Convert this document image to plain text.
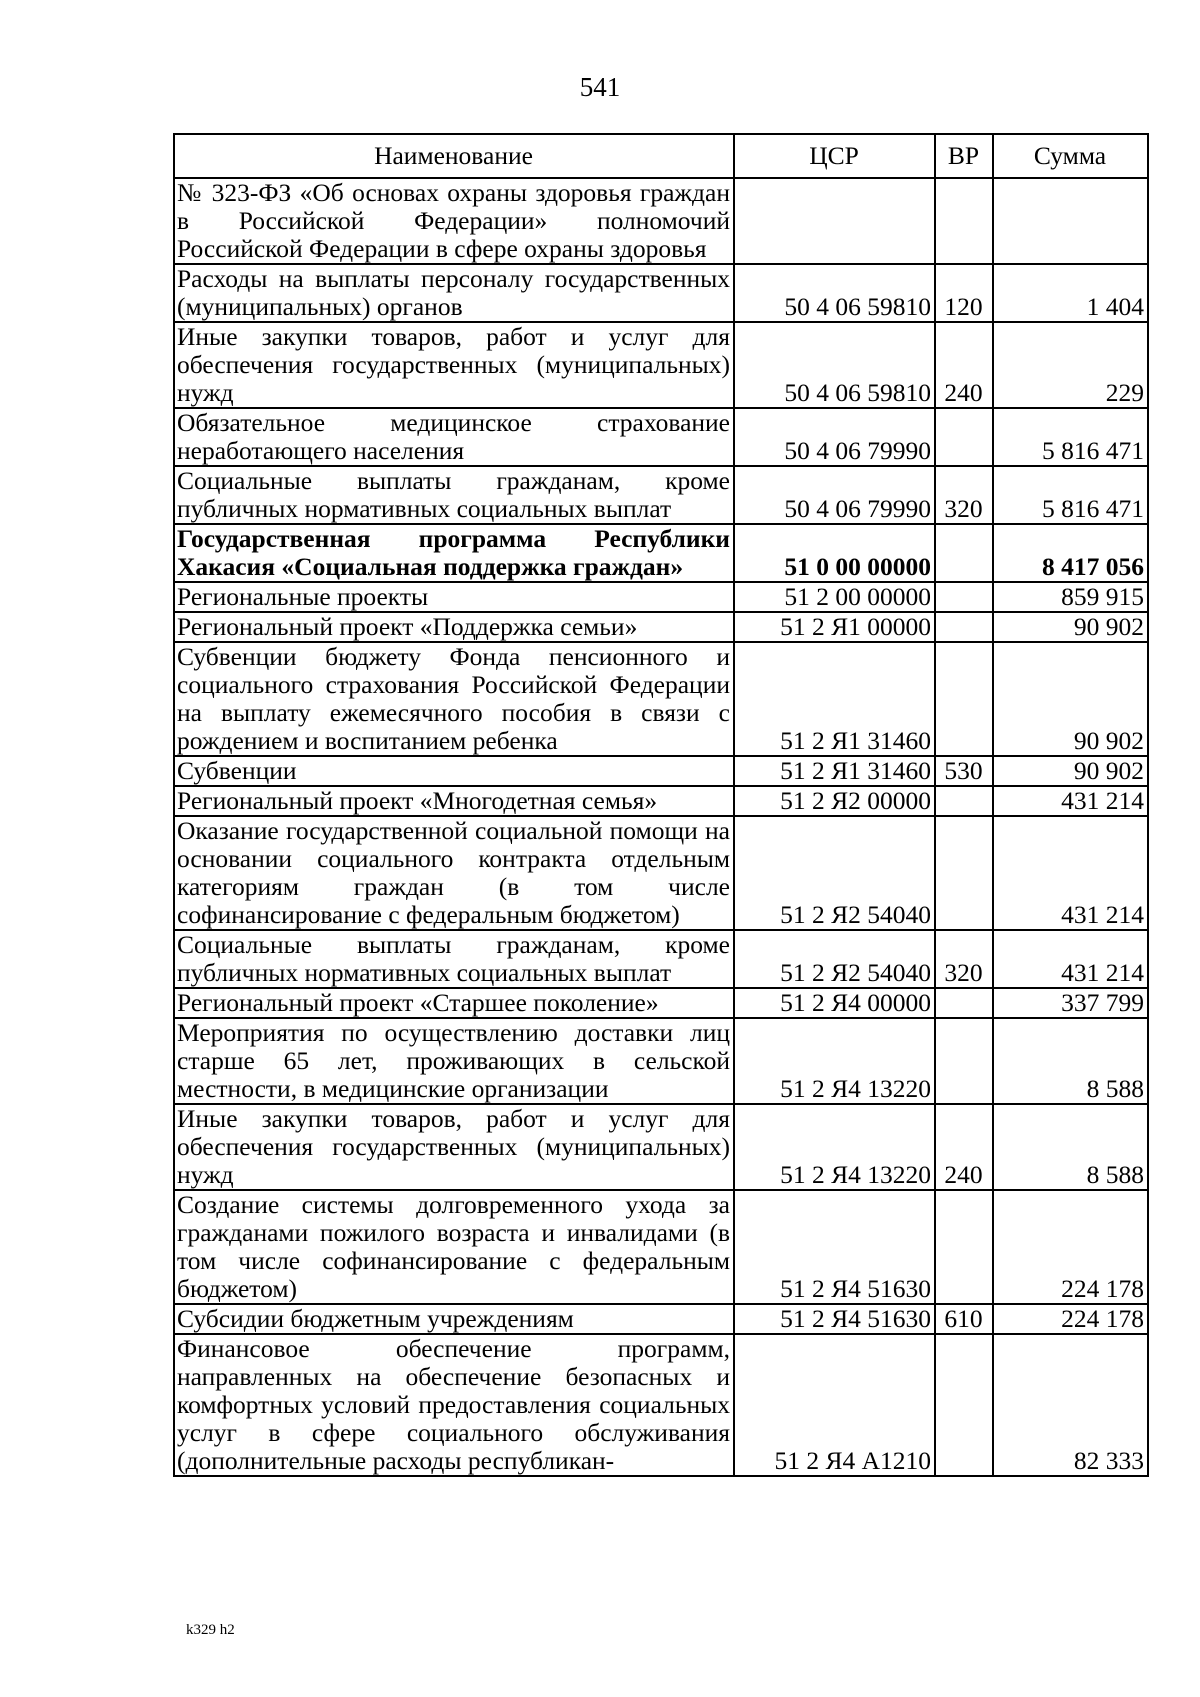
541
Наименование	ЦСР	ВР	Сумма
№ 323-ФЗ «Об основах охраны здоровья граждан в Российской Федерации» полномочий Российской Федерации в сфере охраны здоровья			
Расходы на выплаты персоналу государственных (муниципальных) органов	50 4 06 59810	120	1 404
Иные закупки товаров, работ и услуг для обеспечения государственных (муниципальных) нужд	50 4 06 59810	240	229
Обязательное медицинское страхование неработающего населения	50 4 06 79990		5 816 471
Социальные выплаты гражданам, кроме публичных нормативных социальных выплат	50 4 06 79990	320	5 816 471
Государственная программа Республики Хакасия «Социальная поддержка граждан»	51 0 00 00000		8 417 056
Региональные проекты	51 2 00 00000		859 915
Региональный проект «Поддержка семьи»	51 2 Я1 00000		90 902
Субвенции бюджету Фонда пенсионного и социального страхования Российской Федерации на выплату ежемесячного пособия в связи с рождением и воспитанием ребенка	51 2 Я1 31460		90 902
Субвенции	51 2 Я1 31460	530	90 902
Региональный проект «Многодетная семья»	51 2 Я2 00000		431 214
Оказание государственной социальной помощи на основании социального контракта отдельным категориям граждан (в том числе софинансирование с федеральным бюджетом)	51 2 Я2 54040		431 214
Социальные выплаты гражданам, кроме публичных нормативных социальных выплат	51 2 Я2 54040	320	431 214
Региональный проект «Старшее поколение»	51 2 Я4 00000		337 799
Мероприятия по осуществлению доставки лиц старше 65 лет, проживающих в сельской местности, в медицинские организации	51 2 Я4 13220		8 588
Иные закупки товаров, работ и услуг для обеспечения государственных (муниципальных) нужд	51 2 Я4 13220	240	8 588
Создание системы долговременного ухода за гражданами пожилого возраста и инвалидами (в том числе софинансирование с федеральным бюджетом)	51 2 Я4 51630		224 178
Субсидии бюджетным учреждениям	51 2 Я4 51630	610	224 178
Финансовое обеспечение программ, направленных на обеспечение безопасных и комфортных условий предоставления социальных услуг в сфере социального обслуживания (дополнительные расходы республикан-	51 2 Я4 А1210		82 333
k329 h2
